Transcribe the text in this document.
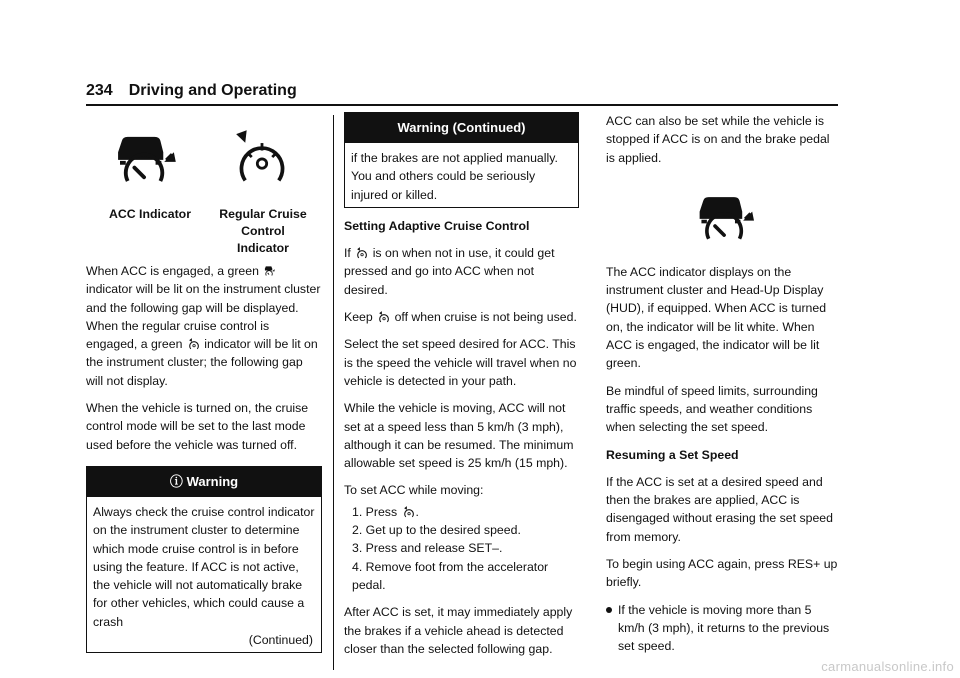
234 Driving and Operating
ACC Indicator	Regular Cruise Control
Indicator

When ACC is engaged, a green
indicator will be lit on the instrument cluster and the following gap will be displayed. When the regular cruise control is engaged, a green indicator will be lit on the instrument cluster; the following gap will not display.

When the vehicle is turned on, the cruise control mode will be set to the last mode used before the vehicle was turned off.

ⓘ Warning
Always check the cruise control indicator on the instrument cluster to determine which mode cruise control is in before using the feature. If ACC is not active, the vehicle will not automatically brake for other vehicles, which could cause a crash
(Continued)
Warning (Continued)
if the brakes are not applied manually. You and others could be seriously injured or killed.

Setting Adaptive Cruise Control

If is on when not in use, it could get pressed and go into ACC when not desired.

Keep off when cruise is not being used.

Select the set speed desired for ACC. This is the speed the vehicle will travel when no vehicle is detected in your path.

While the vehicle is moving, ACC will not set at a speed less than 5 km/h (3 mph), although it can be resumed. The minimum allowable set speed is 25 km/h (15 mph).

To set ACC while moving:

1. Press .
2. Get up to the desired speed.
3. Press and release SET–.
4. Remove foot from the accelerator pedal.

After ACC is set, it may immediately apply the brakes if a vehicle ahead is detected closer than the selected following gap.

ACC can also be set while the vehicle is stopped if ACC is on and the brake pedal is applied.

The ACC indicator displays on the instrument cluster and Head-Up Display (HUD), if equipped. When ACC is turned on, the indicator will be lit white. When ACC is engaged, the indicator will be lit green.

Be mindful of speed limits, surrounding traffic speeds, and weather conditions when selecting the set speed.

Resuming a Set Speed

If the ACC is set at a desired speed and then the brakes are applied, ACC is disengaged without erasing the set speed from memory.

To begin using ACC again, press RES+ up briefly.

If the vehicle is moving more than 5 km/h (3 mph), it returns to the previous set speed.
carmanualsonline.info
